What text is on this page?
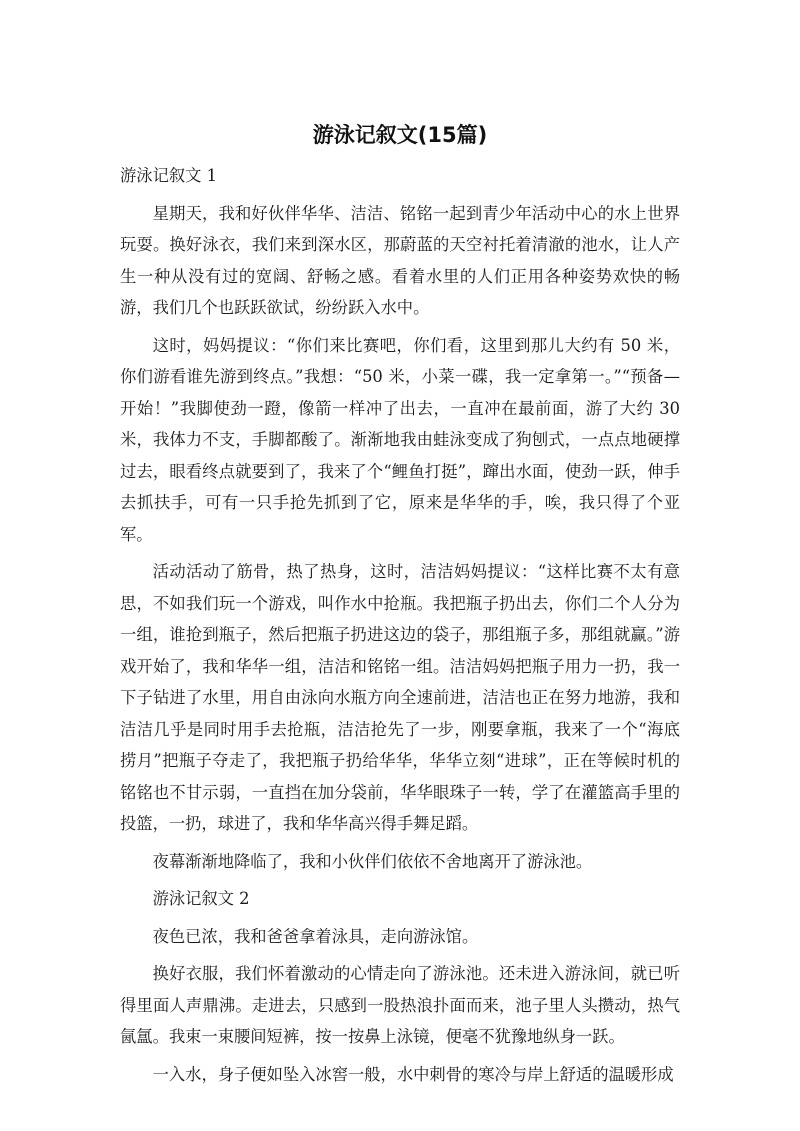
游泳记叙文(15篇)

游泳记叙文 1

星期天，我和好伙伴华华、洁洁、铭铭一起到青少年活动中心的水上世界玩耍。换好泳衣，我们来到深水区，那蔚蓝的天空衬托着清澈的池水，让人产生一种从没有过的宽阔、舒畅之感。看着水里的人们正用各种姿势欢快的畅游，我们几个也跃跃欲试，纷纷跃入水中。

这时，妈妈提议：“你们来比赛吧，你们看，这里到那儿大约有 50 米，你们游看谁先游到终点。”我想：“50 米，小菜一碟，我一定拿第一。”“预备—开始！”我脚使劲一蹬，像箭一样冲了出去，一直冲在最前面，游了大约 30 米，我体力不支，手脚都酸了。渐渐地我由蛙泳变成了狗刨式，一点点地硬撑过去，眼看终点就要到了，我来了个“鲤鱼打挺”，蹿出水面，使劲一跃，伸手去抓扶手，可有一只手抢先抓到了它，原来是华华的手，唉，我只得了个亚军。

活动活动了筋骨，热了热身，这时，洁洁妈妈提议：“这样比赛不太有意思，不如我们玩一个游戏，叫作水中抢瓶。我把瓶子扔出去，你们二个人分为一组，谁抢到瓶子，然后把瓶子扔进这边的袋子，那组瓶子多，那组就赢。”游戏开始了，我和华华一组，洁洁和铭铭一组。洁洁妈妈把瓶子用力一扔，我一下子钻进了水里，用自由泳向水瓶方向全速前进，洁洁也正在努力地游，我和洁洁几乎是同时用手去抢瓶，洁洁抢先了一步，刚要拿瓶，我来了一个“海底捞月”把瓶子夺走了，我把瓶子扔给华华，华华立刻“进球”，正在等候时机的铭铭也不甘示弱，一直挡在加分袋前，华华眼珠子一转，学了在灌篮高手里的投篮，一扔，球进了，我和华华高兴得手舞足蹈。

夜幕渐渐地降临了，我和小伙伴们依依不舍地离开了游泳池。

游泳记叙文 2

夜色已浓，我和爸爸拿着泳具，走向游泳馆。

换好衣服，我们怀着激动的心情走向了游泳池。还未进入游泳间，就已听得里面人声鼎沸。走进去，只感到一股热浪扑面而来，池子里人头攒动，热气氤氲。我束一束腰间短裤，按一按鼻上泳镜，便毫不犹豫地纵身一跃。

一入水，身子便如坠入冰窖一般，水中刺骨的寒冷与岸上舒适的温暖形成
